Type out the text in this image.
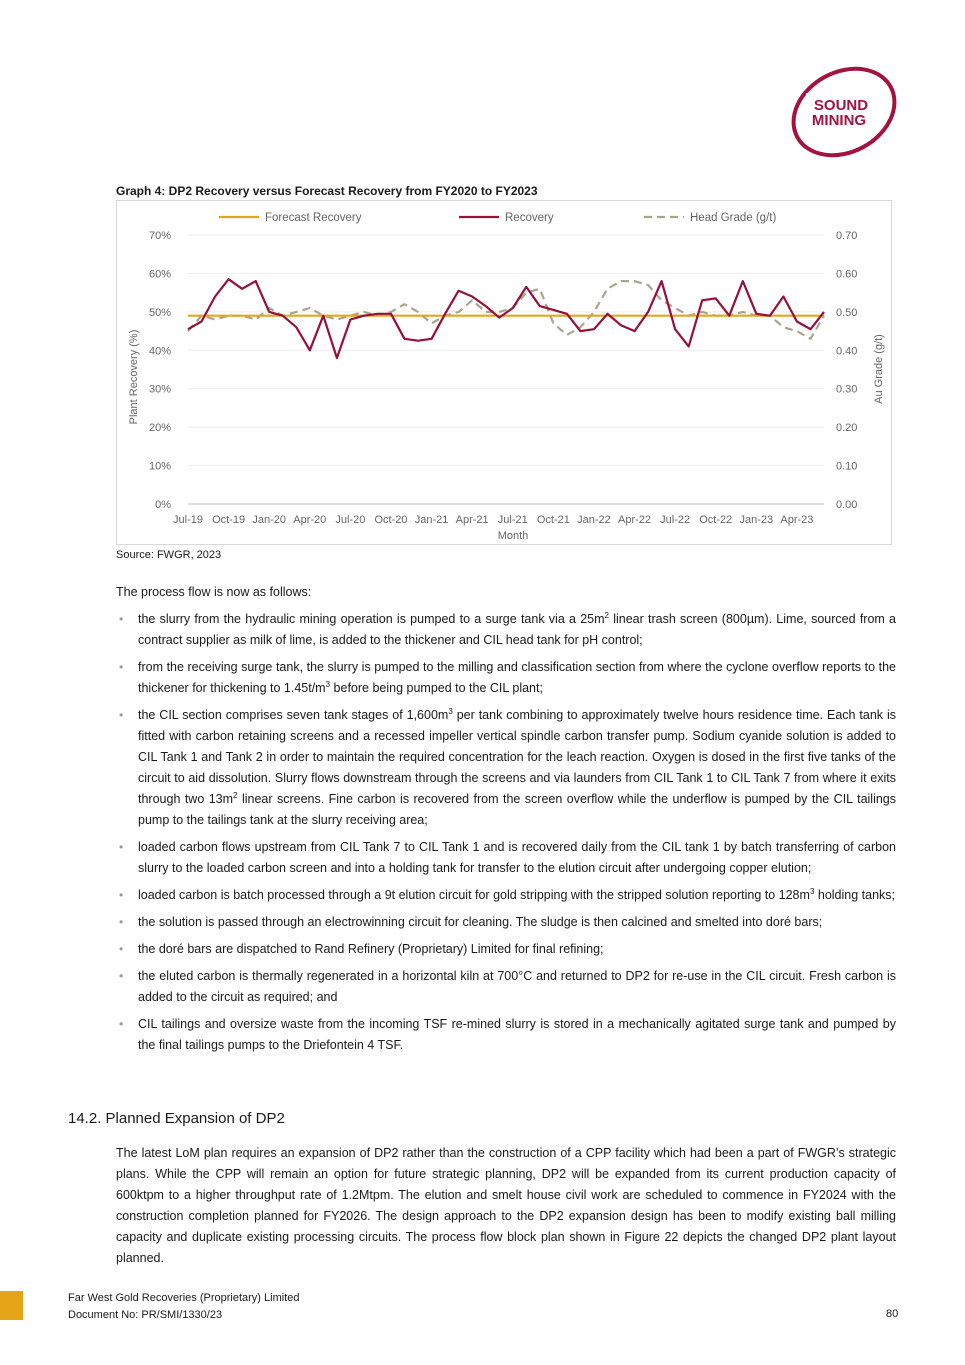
SOUND
MINING
Graph 4: DP2 Recovery versus Forecast Recovery from FY2020 to FY2023
0%
10%
20%
30%
40%
50%
60%
70%
0.00
0.10
0.20
0.30
0.40
0.50
0.60
0.70
Jul-19 Oct-19 Jan-20 Apr-20 Jul-20 Oct-20 Jan-21 Apr-21 Jul-21 Oct-21 Jan-22 Apr-22 Jul-22 Oct-22 Jan-23 Apr-23
Month
Plant Recovery (%)	Au Grade (g/t)
Forecast Recovery	Recovery	Head Grade (g/t)
Source: FWGR, 2023
The process flow is now as follows:
• the slurry from the hydraulic mining operation is pumped to a surge tank via a $25m^2$ linear trash screen (800µm). Lime, sourced from a contract supplier as milk of lime, is added to the thickener and CIL head tank for pH control;
• from the receiving surge tank, the slurry is pumped to the milling and classification section from where the cyclone overflow reports to the thickener for thickening to $1.45t/m^3$ before being pumped to the CIL plant;
• the CIL section comprises seven tank stages of $1,600m^3$ per tank combining to approximately twelve hours residence time. Each tank is fitted with carbon retaining screens and a recessed impeller vertical spindle carbon transfer pump. Sodium cyanide solution is added to CIL Tank 1 and Tank 2 in order to maintain the required concentration for the leach reaction. Oxygen is dosed in the first five tanks of the circuit to aid dissolution. Slurry flows downstream through the screens and via launders from CIL Tank 1 to CIL Tank 7 from where it exits through two $13m^2$ linear screens. Fine carbon is recovered from the screen overflow while the underflow is pumped by the CIL tailings pump to the tailings tank at the slurry receiving area;
• loaded carbon flows upstream from CIL Tank 7 to CIL Tank 1 and is recovered daily from the CIL tank 1 by batch transferring of carbon slurry to the loaded carbon screen and into a holding tank for transfer to the elution circuit after undergoing copper elution;
• loaded carbon is batch processed through a 9t elution circuit for gold stripping with the stripped solution reporting to $128m^3$ holding tanks;
• the solution is passed through an electrowinning circuit for cleaning. The sludge is then calcined and smelted into doré bars;
• the doré bars are dispatched to Rand Refinery (Proprietary) Limited for final refining;
• the eluted carbon is thermally regenerated in a horizontal kiln at 700°C and returned to DP2 for re-use in the CIL circuit. Fresh carbon is added to the circuit as required; and
• CIL tailings and oversize waste from the incoming TSF re-mined slurry is stored in a mechanically agitated surge tank and pumped by the final tailings pumps to the Driefontein 4 TSF.
14.2. Planned Expansion of DP2

The latest LoM plan requires an expansion of DP2 rather than the construction of a CPP facility which had been a part of FWGR’s strategic plans. While the CPP will remain an option for future strategic planning, DP2 will be expanded from its current production capacity of 600ktpm to a higher throughput rate of 1.2Mtpm. The elution and smelt house civil work are scheduled to commence in FY2024 with the construction completion planned for FY2026. The design approach to the DP2 expansion design has been to modify existing ball milling capacity and duplicate existing processing circuits. The process flow block plan shown in Figure 22 depicts the changed DP2 plant layout planned.

Far West Gold Recoveries (Proprietary) Limited
Document No: PR/SMI/1330/23	80
